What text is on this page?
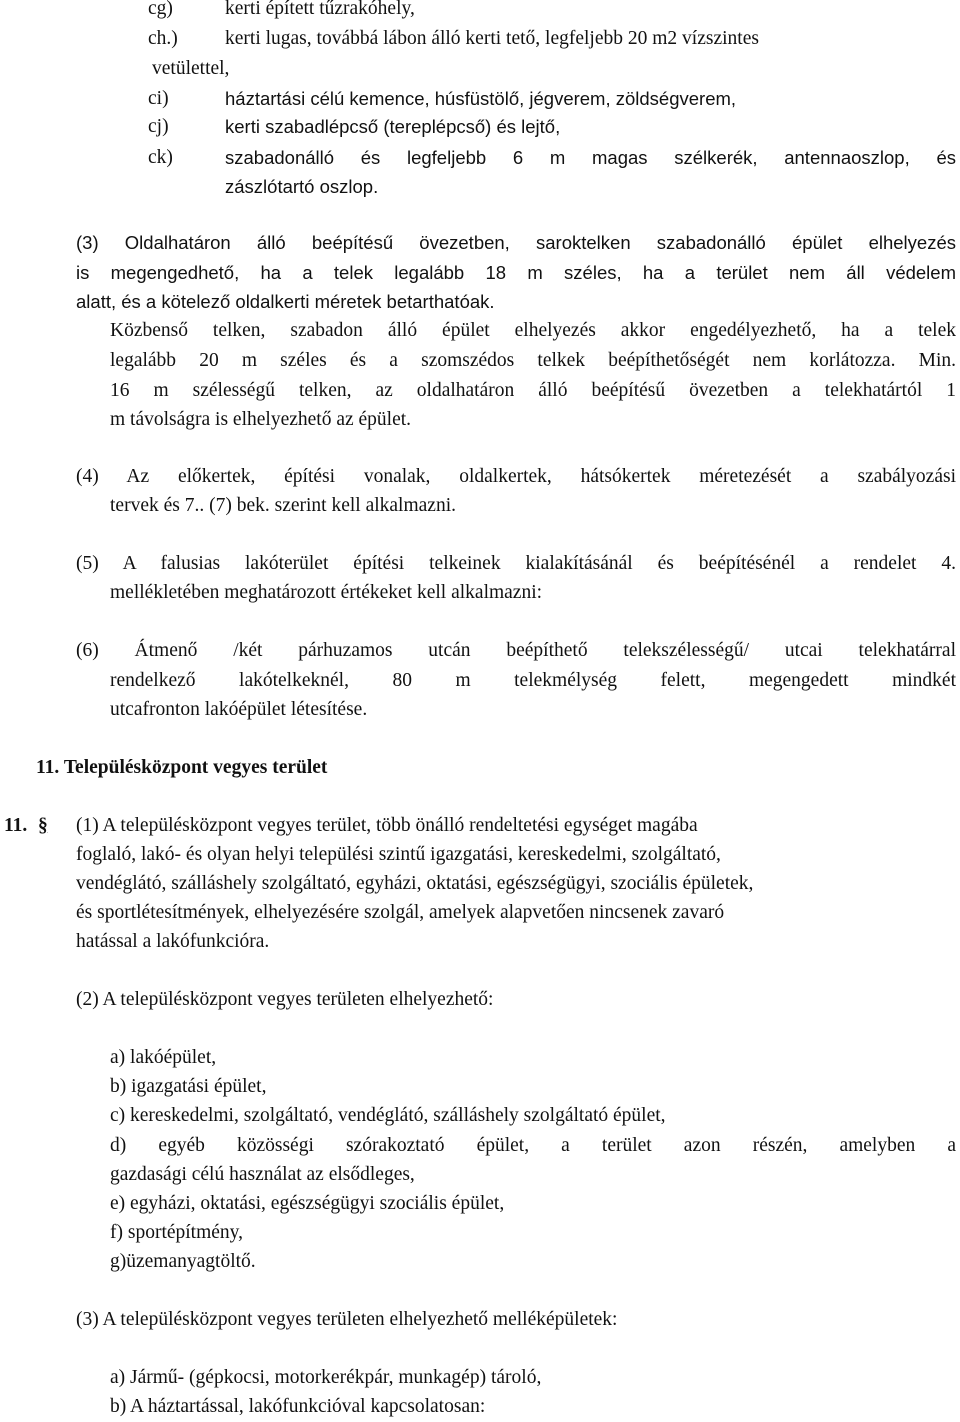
cg)	kerti épített tűzrakóhely,
ch.) kerti lugas, továbbá lábon álló kerti tető, legfeljebb 20 m2 vízszintes
vetülettel,
ci)	háztartási célú kemence, húsfüstölő, jégverem, zöldségverem,
cj)	kerti szabadlépcső (tereplépcső) és lejtő,
ck)	szabadonálló és legfeljebb 6 m magas szélkerék, antennaoszlop, és
zászlótartó oszlop.
(3) Oldalhatáron álló beépítésű övezetben, saroktelken szabadonálló épület elhelyezés
is megengedhető, ha a telek legalább 18 m széles, ha a terület nem áll védelem
alatt, és a kötelező oldalkerti méretek betarthatóak.
Közbenső telken, szabadon álló épület elhelyezés akkor engedélyezhető, ha a telek
legalább 20 m széles és a szomszédos telkek beépíthetőségét nem korlátozza. Min.
16 m szélességű telken, az oldalhatáron álló beépítésű övezetben a telekhatártól 1
m távolságra is elhelyezhető az épület.
(4) Az előkertek, építési vonalak, oldalkertek, hátsókertek méretezését a szabályozási
tervek és 7.. (7) bek. szerint kell alkalmazni.
(5) A falusias lakóterület építési telkeinek kialakításánál és beépítésénél a rendelet 4.
mellékletében meghatározott értékeket kell alkalmazni:
(6) Átmenő /két párhuzamos utcán beépíthető telekszélességű/ utcai telekhatárral
rendelkező lakótelkeknél, 80 m telekmélység felett, megengedett mindkét
utcafronton lakóépület létesítése.
11. Településközpont vegyes terület
11. § (1) A településközpont vegyes terület, több önálló rendeltetési egységet magába
foglaló, lakó- és olyan helyi települési szintű igazgatási, kereskedelmi, szolgáltató,
vendéglátó, szálláshely szolgáltató, egyházi, oktatási, egészségügyi, szociális épületek,
és sportlétesítmények, elhelyezésére szolgál, amelyek alapvetően nincsenek zavaró
hatással a lakófunkcióra.
(2) A településközpont vegyes területen elhelyezhető:
a) lakóépület,
b) igazgatási épület,
c) kereskedelmi, szolgáltató, vendéglátó, szálláshely szolgáltató épület,
d) egyéb közösségi szórakoztató épület, a terület azon részén, amelyben a
gazdasági célú használat az elsődleges,
e) egyházi, oktatási, egészségügyi szociális épület,
f) sportépítmény,
g)üzemanyagtöltő.
(3) A településközpont vegyes területen elhelyezhető melléképületek:
a) Jármű- (gépkocsi, motorkerékpár, munkagép) tároló,
b) A háztartással, lakófunkcióval kapcsolatosan:
